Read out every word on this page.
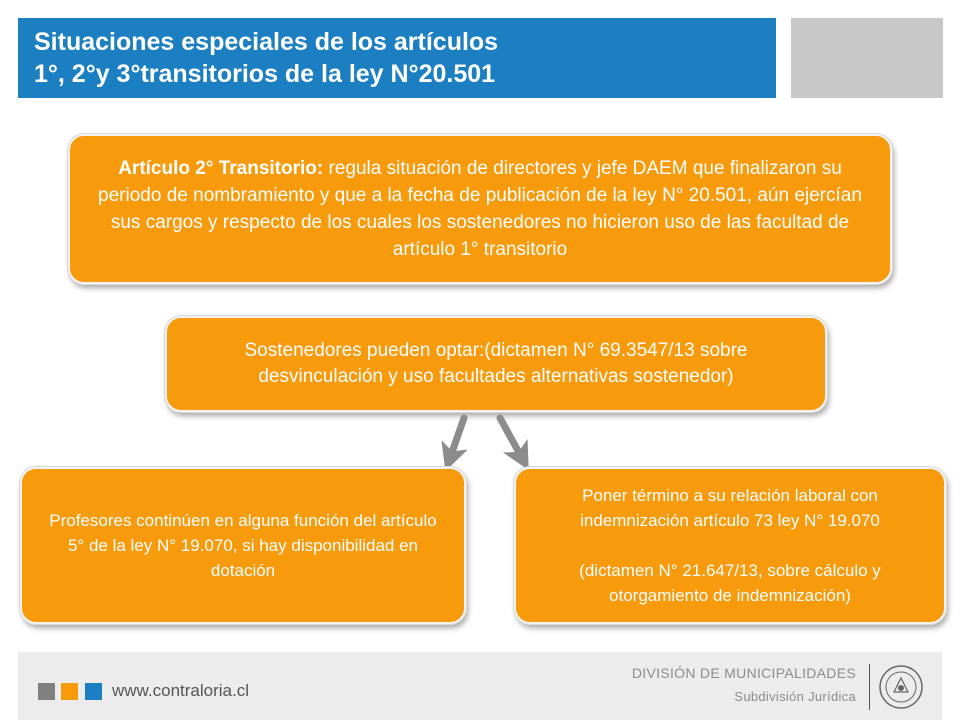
Situaciones especiales de los artículos
1°, 2°y 3°transitorios de la ley N°20.501
Artículo 2° Transitorio: regula situación de directores y jefe DAEM que finalizaron su periodo de nombramiento y que a la fecha de publicación de la ley N° 20.501, aún ejercían sus cargos y respecto de los cuales los sostenedores no hicieron uso de las facultad de artículo 1° transitorio
Sostenedores pueden optar:(dictamen N° 69.3547/13 sobre desvinculación y uso facultades alternativas sostenedor)
Profesores continúen en alguna función del artículo 5° de la ley N° 19.070, si hay disponibilidad en dotación
Poner término a su relación laboral con indemnización artículo 73 ley N° 19.070
(dictamen N° 21.647/13, sobre cálculo y otorgamiento de indemnización)
www.contraloria.cl
DIVISIÓN DE MUNICIPALIDADES
Subdivisión Jurídica
